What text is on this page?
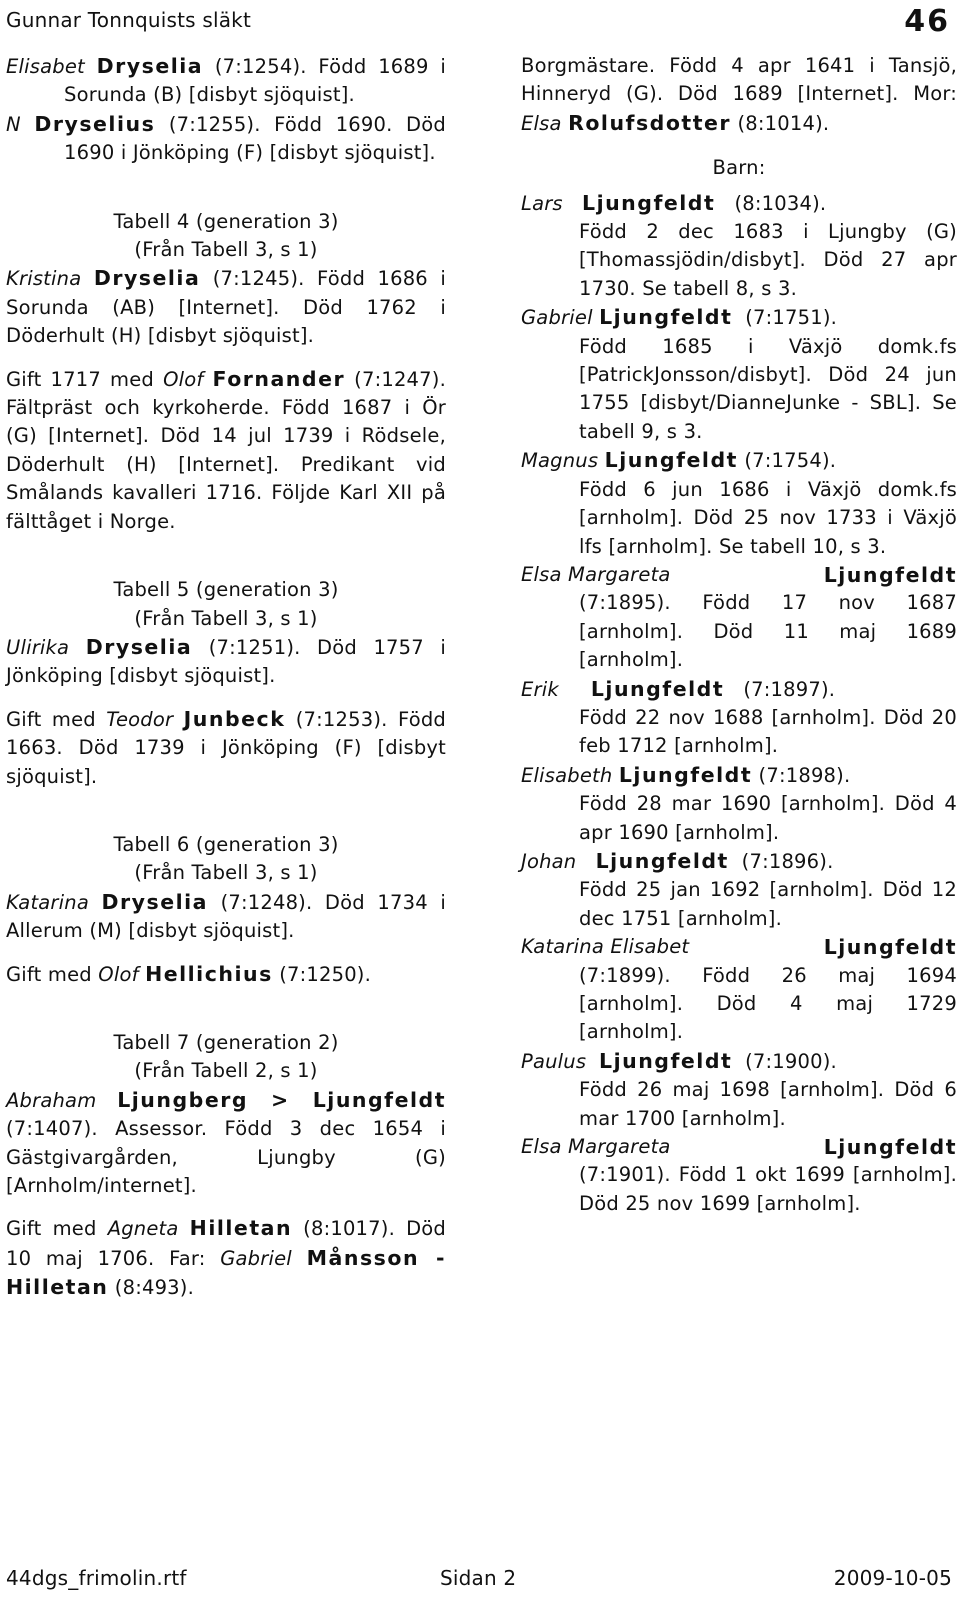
Gunnar Tonnquists släkt	46
Elisabet Dryselia (7:1254). Född 1689 i Sorunda (B) [disbyt sjöquist].
N Dryselius (7:1255). Född 1690. Död 1690 i Jönköping (F) [disbyt sjöquist].
Tabell 4 (generation 3)
(Från Tabell 3, s 1)
Kristina Dryselia (7:1245). Född 1686 i Sorunda (AB) [Internet]. Död 1762 i Döderhult (H) [disbyt sjöquist].
Gift 1717 med Olof Fornander (7:1247). Fältpräst och kyrkoherde. Född 1687 i Ör (G) [Internet]. Död 14 jul 1739 i Rödsele, Döderhult (H) [Internet]. Predikant vid Smålands kavalleri 1716. Följde Karl XII på fälttåget i Norge.
Tabell 5 (generation 3)
(Från Tabell 3, s 1)
Ulirika Dryselia (7:1251). Död 1757 i Jönköping [disbyt sjöquist].
Gift med Teodor Junbeck (7:1253). Född 1663. Död 1739 i Jönköping (F) [disbyt sjöquist].
Tabell 6 (generation 3)
(Från Tabell 3, s 1)
Katarina Dryselia (7:1248). Död 1734 i Allerum (M) [disbyt sjöquist].
Gift med Olof Hellichius (7:1250).
Tabell 7 (generation 2)
(Från Tabell 2, s 1)
Abraham Ljungberg > Ljungfeldt (7:1407). Assessor. Född 3 dec 1654 i Gästgivargården, Ljungby (G) [Arnholm/internet].
Gift med Agneta Hilletan (8:1017). Död 10 maj 1706. Far: Gabriel Månsson - Hilletan (8:493).
Borgmästare. Född 4 apr 1641 i Tansjö, Hinneryd (G). Död 1689 [Internet]. Mor: Elsa Rolufsdotter (8:1014).
Barn:
Lars Ljungfeldt (8:1034).
Född 2 dec 1683 i Ljungby (G) [Thomassjödin/disbyt]. Död 27 apr 1730. Se tabell 8, s 3.
Gabriel Ljungfeldt (7:1751).
Född 1685 i Växjö domk.fs [PatrickJonsson/disbyt]. Död 24 jun 1755 [disbyt/DianneJunke - SBL]. Se tabell 9, s 3.
Magnus Ljungfeldt (7:1754).
Född 6 jun 1686 i Växjö domk.fs [arnholm]. Död 25 nov 1733 i Växjö lfs [arnholm]. Se tabell 10, s 3.
Elsa Margareta	Ljungfeldt
(7:1895). Född 17 nov 1687 [arnholm]. Död 11 maj 1689 [arnholm].
Erik Ljungfeldt (7:1897).
Född 22 nov 1688 [arnholm]. Död 20 feb 1712 [arnholm].
Elisabeth Ljungfeldt (7:1898).
Född 28 mar 1690 [arnholm]. Död 4 apr 1690 [arnholm].
Johan Ljungfeldt (7:1896).
Född 25 jan 1692 [arnholm]. Död 12 dec 1751 [arnholm].
Katarina Elisabet	Ljungfeldt
(7:1899). Född 26 maj 1694 [arnholm]. Död 4 maj 1729 [arnholm].
Paulus Ljungfeldt (7:1900).
Född 26 maj 1698 [arnholm]. Död 6 mar 1700 [arnholm].
Elsa Margareta	Ljungfeldt
(7:1901). Född 1 okt 1699 [arnholm]. Död 25 nov 1699 [arnholm].
44dgs_frimolin.rtf	Sidan 2	2009-10-05
